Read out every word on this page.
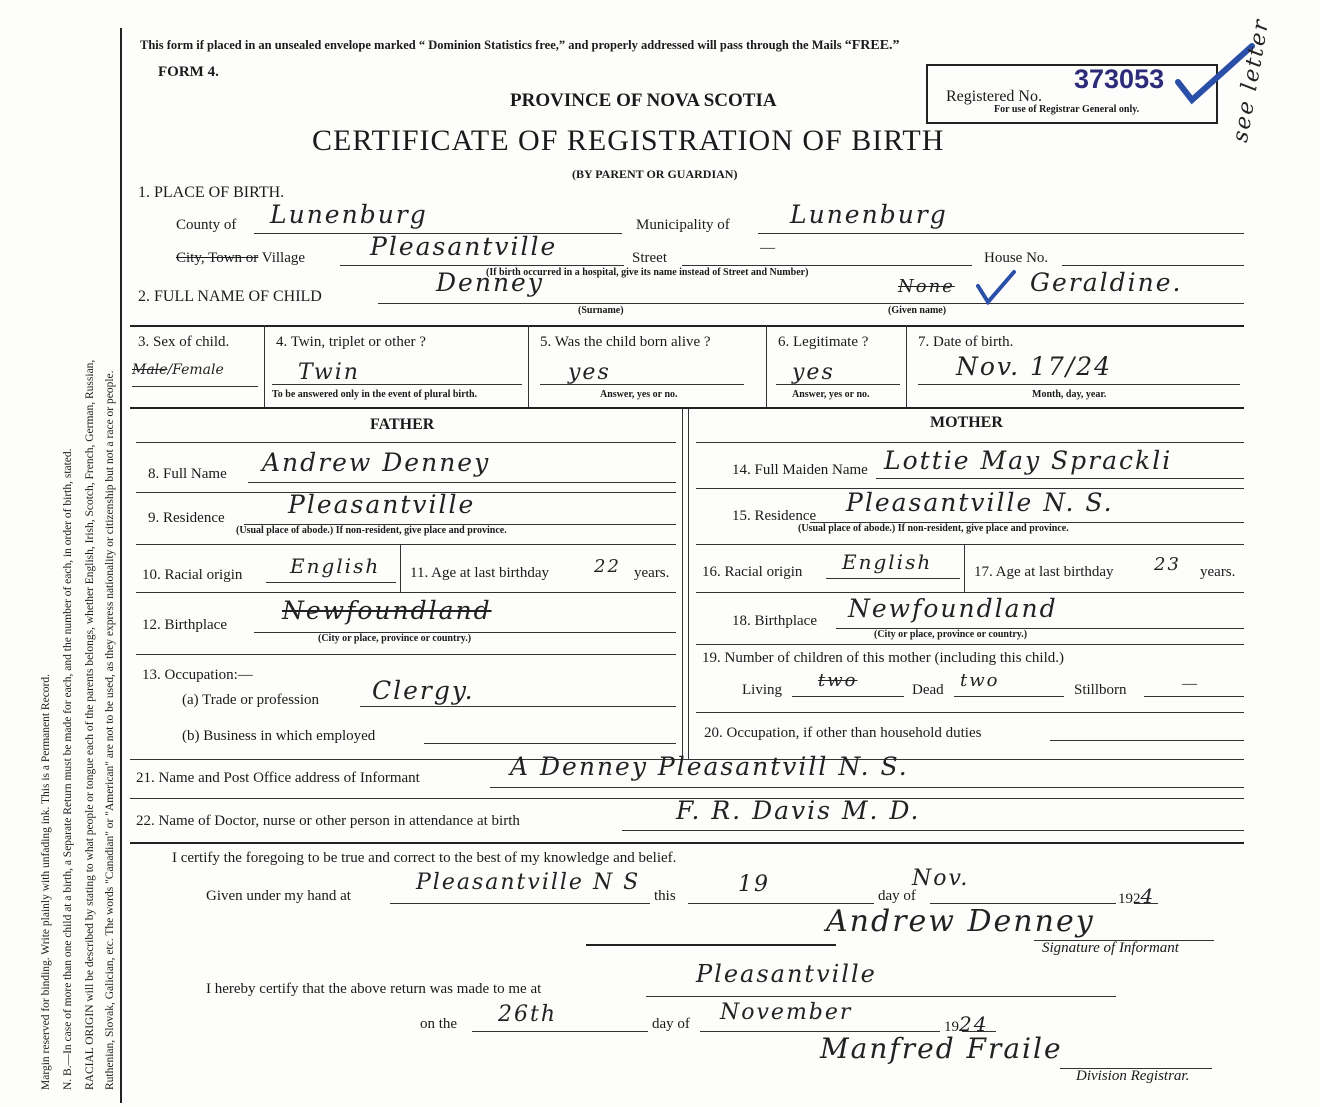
Margin reserved for binding. Write plainly with unfading ink. This is a Permanent Record. N. B.—In case of more than one child at a birth, a Separate Return must be made for each, and the number of each, in order of birth, stated. RACIAL ORIGIN will be described by stating to what people or tongue each of the parents belongs, whether English, Irish, Scotch, French, German, Russian, Ruthenian, Slovak, Galician, etc. The words "Canadian" or "American" are not to be used, as they express nationality or citizenship but not a race or people.
This form if placed in an unsealed envelope marked “ Dominion Statistics free,” and properly addressed will pass through the Mails “FREE.”
FORM 4.
PROVINCE OF NOVA SCOTIA
CERTIFICATE OF REGISTRATION OF BIRTH
(BY PARENT OR GUARDIAN)
Registered No.
373053
For use of Registrar General only.	see letter
1. PLACE OF BIRTH.
County of Lunenburg	Municipality of Lunenburg
City, Town or Village	Pleasantville	Street
—
House No.
(If birth occurred in a hospital, give its name instead of Street and Number)
2. FULL NAME OF CHILD	Denney
(Surname)
None	Geraldine.
(Given name)
3. Sex of child.
Male/Female
4. Twin, triplet or other ?
Twin
To be answered only in the event of plural birth.
5. Was the child born alive ?
yes
Answer, yes or no.
6. Legitimate ?
yes
Answer, yes or no.
7. Date of birth.
Nov. 17/24
Month, day, year.
FATHER	MOTHER
8. Full Name Andrew Denney	14. Full Maiden Name Lottie May Sprackli
9. Residence	Pleasantville
(Usual place of abode.) If non-resident, give place and province.
15. Residence Pleasantville N. S.
(Usual place of abode.) If non-resident, give place and province.
10. Racial origin English 11. Age at last birthday	22 years. 16. Racial origin English	17. Age at last birthday 23 years.
12. Birthplace Newfoundland
(City or place, province or country.)
18. Birthplace Newfoundland
(City or place, province or country.)
13. Occupation:—
(a) Trade or profession Clergy.
(b) Business in which employed
19. Number of children of this mother (including this child.)
Living two	Dead two	Stillborn	—
20. Occupation, if other than household duties
21. Name and Post Office address of Informant	A Denney Pleasantvill N. S.
22. Name of Doctor, nurse or other person in attendance at birth	F. R. Davis M. D.
I certify the foregoing to be true and correct to the best of my knowledge and belief.
Given under my hand at
Pleasantville N S
this	19	day of
Nov.
1924
Andrew Denney
Signature of Informant
I hereby certify that the above return was made to me at
Pleasantville
on the 26th	day of November
1924
Manfred Fraile
Division Registrar.
